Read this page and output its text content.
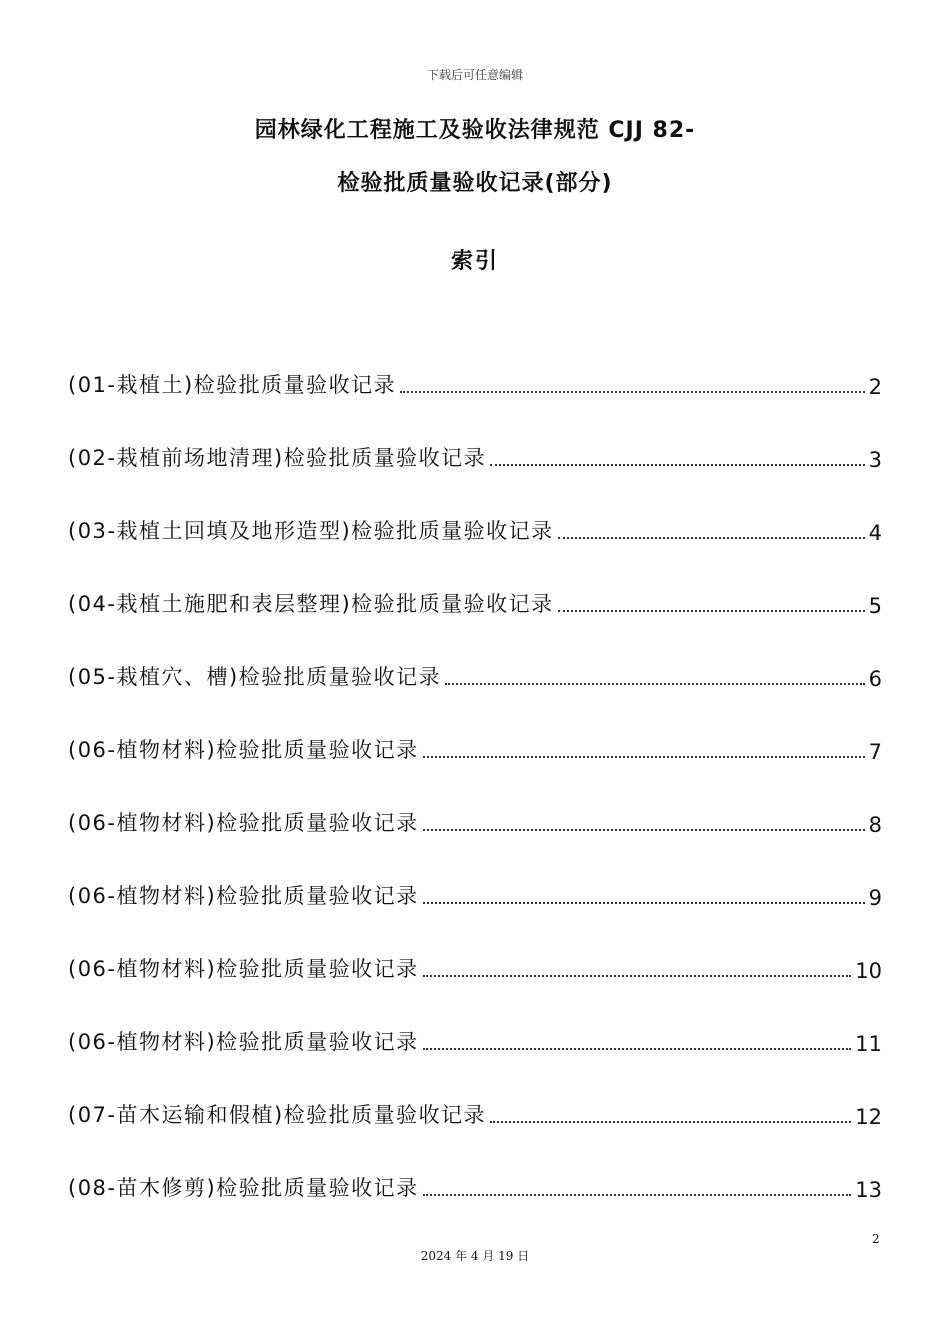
下载后可任意编辑
园林绿化工程施工及验收法律规范 CJJ 82-
检验批质量验收记录(部分)
索引
(01-栽植土)检验批质量验收记录	2
(02-栽植前场地清理)检验批质量验收记录	3
(03-栽植土回填及地形造型)检验批质量验收记录	4
(04-栽植土施肥和表层整理)检验批质量验收记录	5
(05-栽植穴、槽)检验批质量验收记录	6
(06-植物材料)检验批质量验收记录	7
(06-植物材料)检验批质量验收记录	8
(06-植物材料)检验批质量验收记录	9
(06-植物材料)检验批质量验收记录	10
(06-植物材料)检验批质量验收记录	11
(07-苗木运输和假植)检验批质量验收记录	12
(08-苗木修剪)检验批质量验收记录	13
2
2024 年 4 月 19 日
